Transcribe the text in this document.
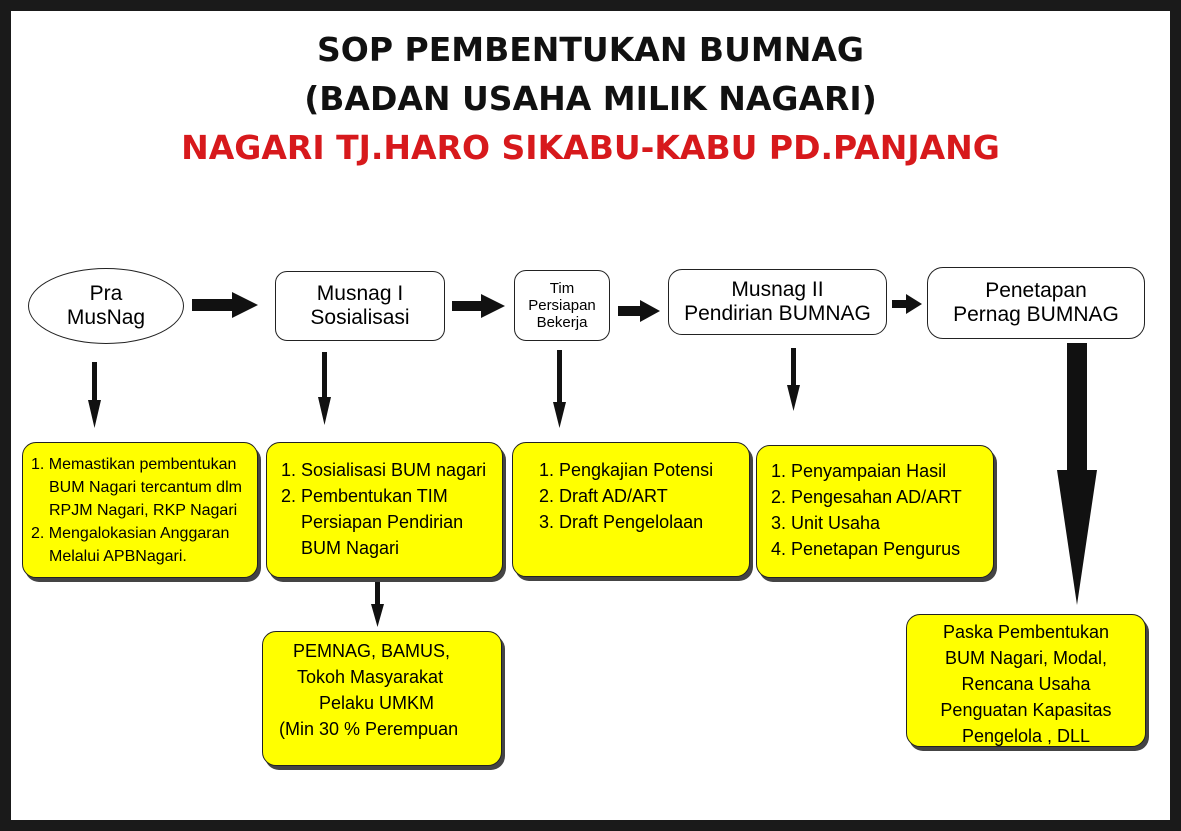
SOP PEMBENTUKAN BUMNAG
(BADAN USAHA MILIK NAGARI)
NAGARI TJ.HARO SIKABU-KABU PD.PANJANG
Pra
MusNag
Musnag I
Sosialisasi
Tim
Persiapan
Bekerja
Musnag II
Pendirian BUMNAG
Penetapan
Pernag BUMNAG
1. Memastikan pembentukan
BUM Nagari tercantum dlm
RPJM Nagari, RKP Nagari
2. Mengalokasian Anggaran
Melalui APBNagari.
1. Sosialisasi BUM nagari
2. Pembentukan TIM
Persiapan Pendirian
BUM Nagari
1. Pengkajian Potensi
2. Draft AD/ART
3. Draft Pengelolaan
1. Penyampaian Hasil
2. Pengesahan AD/ART
3. Unit Usaha
4. Penetapan Pengurus
Paska Pembentukan
BUM Nagari, Modal,
Rencana Usaha
Penguatan Kapasitas
Pengelola , DLL
PEMNAG, BAMUS,
Tokoh Masyarakat
Pelaku UMKM
(Min 30 % Perempuan
